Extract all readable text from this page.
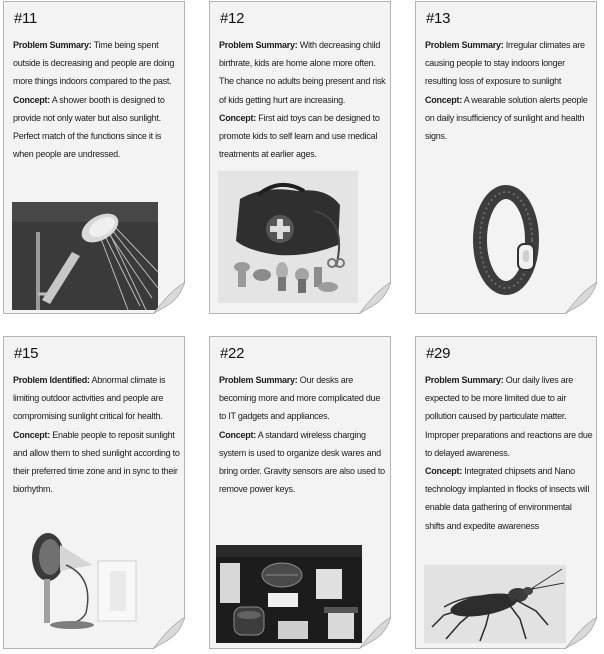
#11

Problem Summary: Time being spent outside is decreasing and people are doing more things indoors compared to the past.

Concept: A shower booth is designed to provide not only water but also sunlight. Perfect match of the functions since it is when people are undressed.

#12

Problem Summary: With decreasing child birthrate, kids are home alone more often. The chance no adults being present and risk of kids getting hurt are increasing.

Concept: First aid toys can be designed to promote kids to self learn and use medical treatments at earlier ages.

#13

Problem Summary: Irregular climates are causing people to stay indoors longer resulting loss of exposure to sunlight

Concept: A wearable solution alerts people on daily insufficiency of sunlight and health signs.

#15

Problem Identified: Abnormal climate is limiting outdoor activities and people are compromising sunlight critical for health.

Concept: Enable people to reposit sunlight and allow them to shed sunlight according to their preferred time zone and in sync to their biorhythm.

#22

Problem Summary: Our desks are becoming more and more complicated due to IT gadgets and appliances.

Concept: A standard wireless charging system is used to organize desk wares and bring order. Gravity sensors are also used to remove power keys.

#29

Problem Summary: Our daily lives are expected to be more limited due to air pollution caused by particulate matter. Improper preparations and reactions are due to delayed awareness.

Concept: Integrated chipsets and Nano technology implanted in flocks of insects will enable data gathering of environmental shifts and expedite awareness
